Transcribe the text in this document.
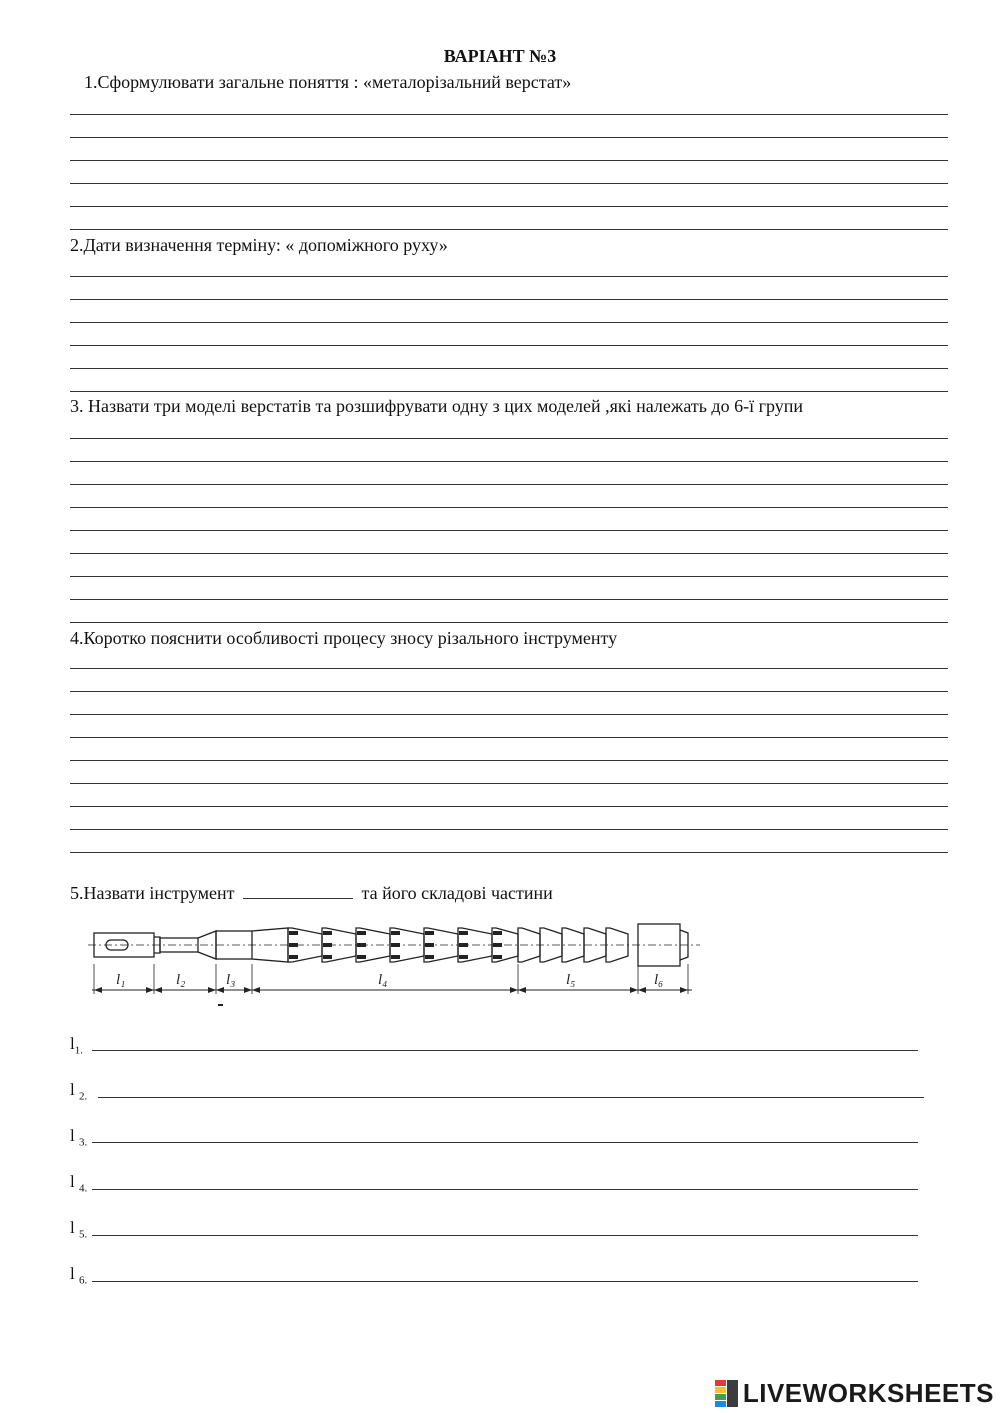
ВАРІАНТ №3
1.Сформулювати загальне поняття : «металорізальний верстат»
2.Дати визначення терміну: « допоміжного руху»
3. Назвати три моделі верстатів та розшифрувати одну з цих моделей ,які належать до 6-ї групи
4.Коротко пояснити особливості процесу зносу різального інструменту
5.Назвати інструмент	та його складові частини
l₁	l₂	l₃	l₄	l₅	l₆
$l_{1.}$
l $_{2.}$
l $_{3.}$
l $_{4.}$
l $_{5.}$
l $_{6.}$
LIVEWORKSHEETS
